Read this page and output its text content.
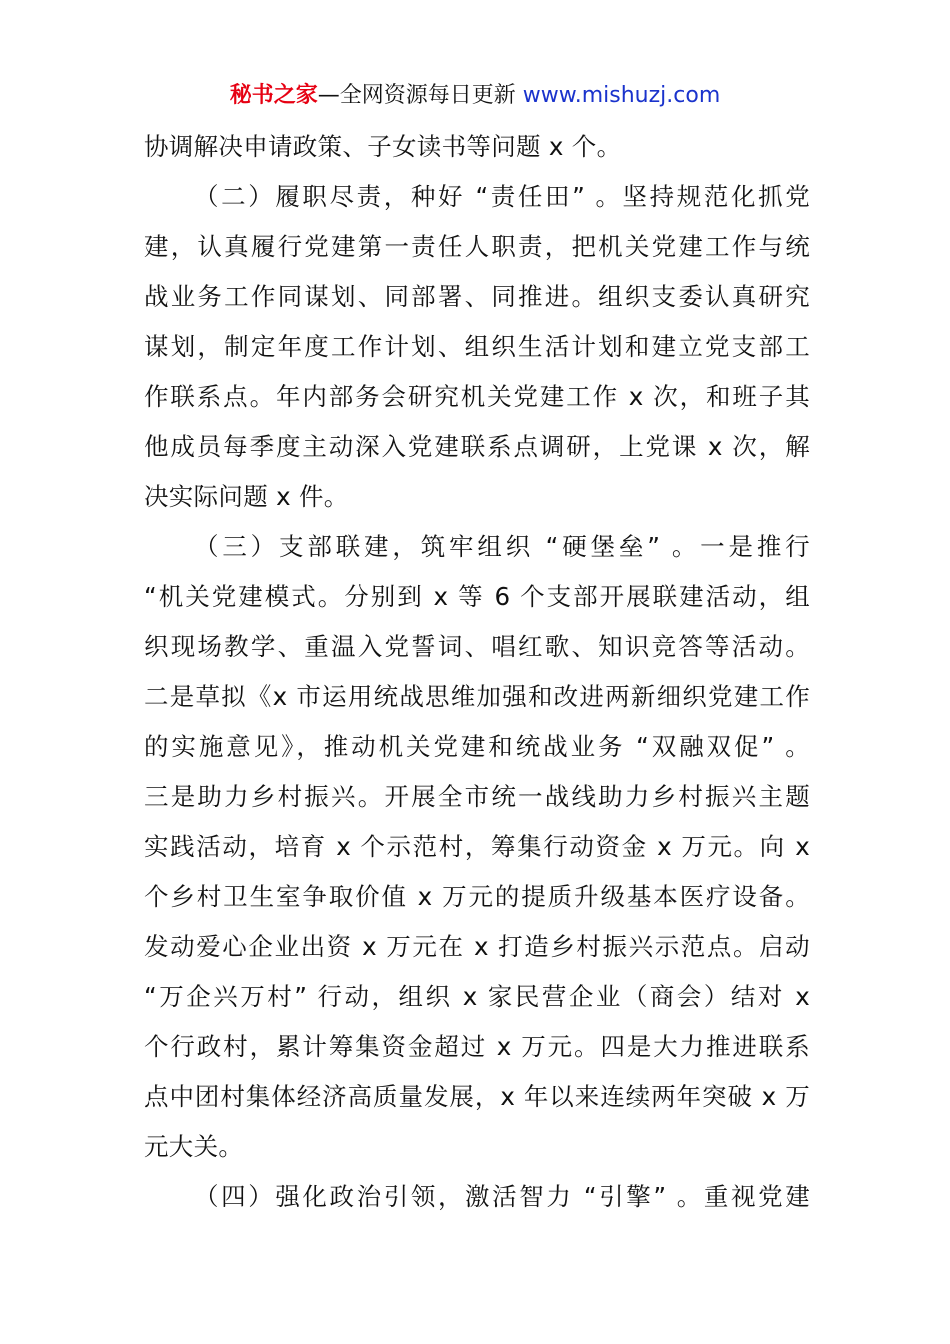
秘书之家—全网资源每日更新 www.mishuzj.com
协调解决申请政策、子女读书等问题 x 个。
（二）履职尽责，种好 “责任田” 。坚持规范化抓党
建，认真履行党建第一责任人职责，把机关党建工作与统
战业务工作同谋划、同部署、同推进。组织支委认真研究
谋划，制定年度工作计划、组织生活计划和建立党支部工
作联系点。年内部务会研究机关党建工作 x 次，和班子其
他成员每季度主动深入党建联系点调研，上党课 x 次，解
决实际问题 x 件。
（三）支部联建，筑牢组织 “硬堡垒” 。一是推行
“机关党建模式。分别到 x 等 6 个支部开展联建活动，组
织现场教学、重温入党誓词、唱红歌、知识竞答等活动。
二是草拟《x 市运用统战思维加强和改进两新细织党建工作
的实施意见》，推动机关党建和统战业务 “双融双促” 。
三是助力乡村振兴。开展全市统一战线助力乡村振兴主题
实践活动，培育 x 个示范村，筹集行动资金 x 万元。向 x
个乡村卫生室争取价值 x 万元的提质升级基本医疗设备。
发动爱心企业出资 x 万元在 x 打造乡村振兴示范点。启动
“万企兴万村” 行动，组织 x 家民营企业（商会）结对 x
个行政村，累计筹集资金超过 x 万元。四是大力推进联系
点中团村集体经济高质量发展，x 年以来连续两年突破 x 万
元大关。
（四）强化政治引领，激活智力 “引擎” 。重视党建
